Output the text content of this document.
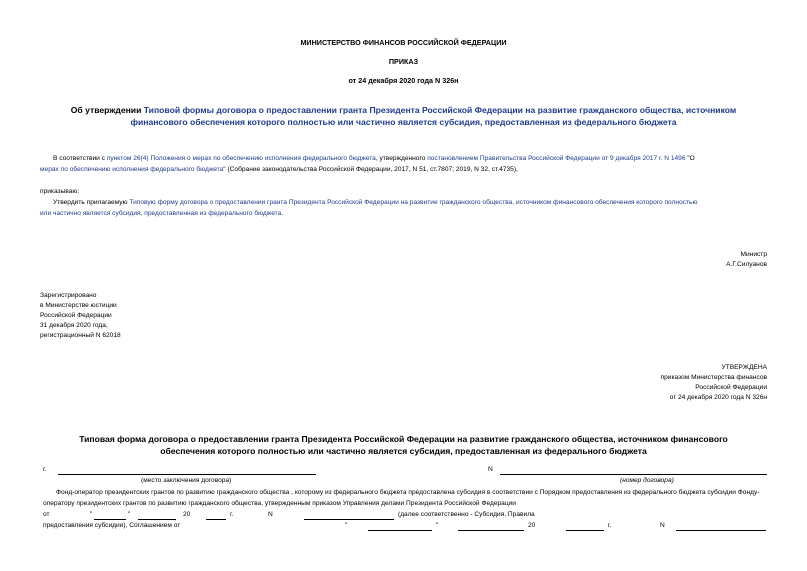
МИНИСТЕРСТВО ФИНАНСОВ РОССИЙСКОЙ ФЕДЕРАЦИИ
ПРИКАЗ
от 24 декабря 2020 года N 326н
Об утверждении Типовой формы договора о предоставлении гранта Президента Российской Федерации на развитие гражданского общества, источником
финансового обеспечения которого полностью или частично является субсидия, предоставленная из федерального бюджета
В соответствии с пунктом 26(4) Положения о мерах по обеспечению исполнения федерального бюджета, утвержденного постановлением Правительства Российской Федерации от 9 декабря 2017 г. N 1496 "О
мерах по обеспечению исполнения федерального бюджета" (Собрание законодательства Российской Федерации, 2017, N 51, ст.7807; 2019, N 32, ст.4735),
приказываю:
Утвердить прилагаемую Типовую форму договора о предоставлении гранта Президента Российской Федерации на развитие гражданского общества, источником финансового обеспечения которого полностью
или частично является субсидия, предоставленная из федерального бюджета.
Министр
А.Г.Силуанов
Зарегистрировано
в Министерстве юстиции
Российской Федерации
31 декабря 2020 года,
регистрационный N 62018
УТВЕРЖДЕНА
приказом Министерства финансов
Российской Федерации
от 24 декабря 2020 года N 326н
Типовая форма договора о предоставлении гранта Президента Российской Федерации на развитие гражданского общества, источником финансового
обеспечения которого полностью или частично является субсидия, предоставленная из федерального бюджета
г.	N
(место заключения договора)	(номер договора)
Фонд-оператор президентских грантов по развитию гражданского общества , которому из федерального бюджета предоставлена субсидия в соответствии с Порядком предоставления из федерального бюджета субсидии Фонду-
оператору президентских грантов по развитию гражданского общества, утвержденным приказом Управления делами Президента Российской Федерации
от	"	"	20	г.	N	(далее соответственно - Субсидия, Правила
предоставления субсидии), Соглашением от	"	"	20	г.	N
